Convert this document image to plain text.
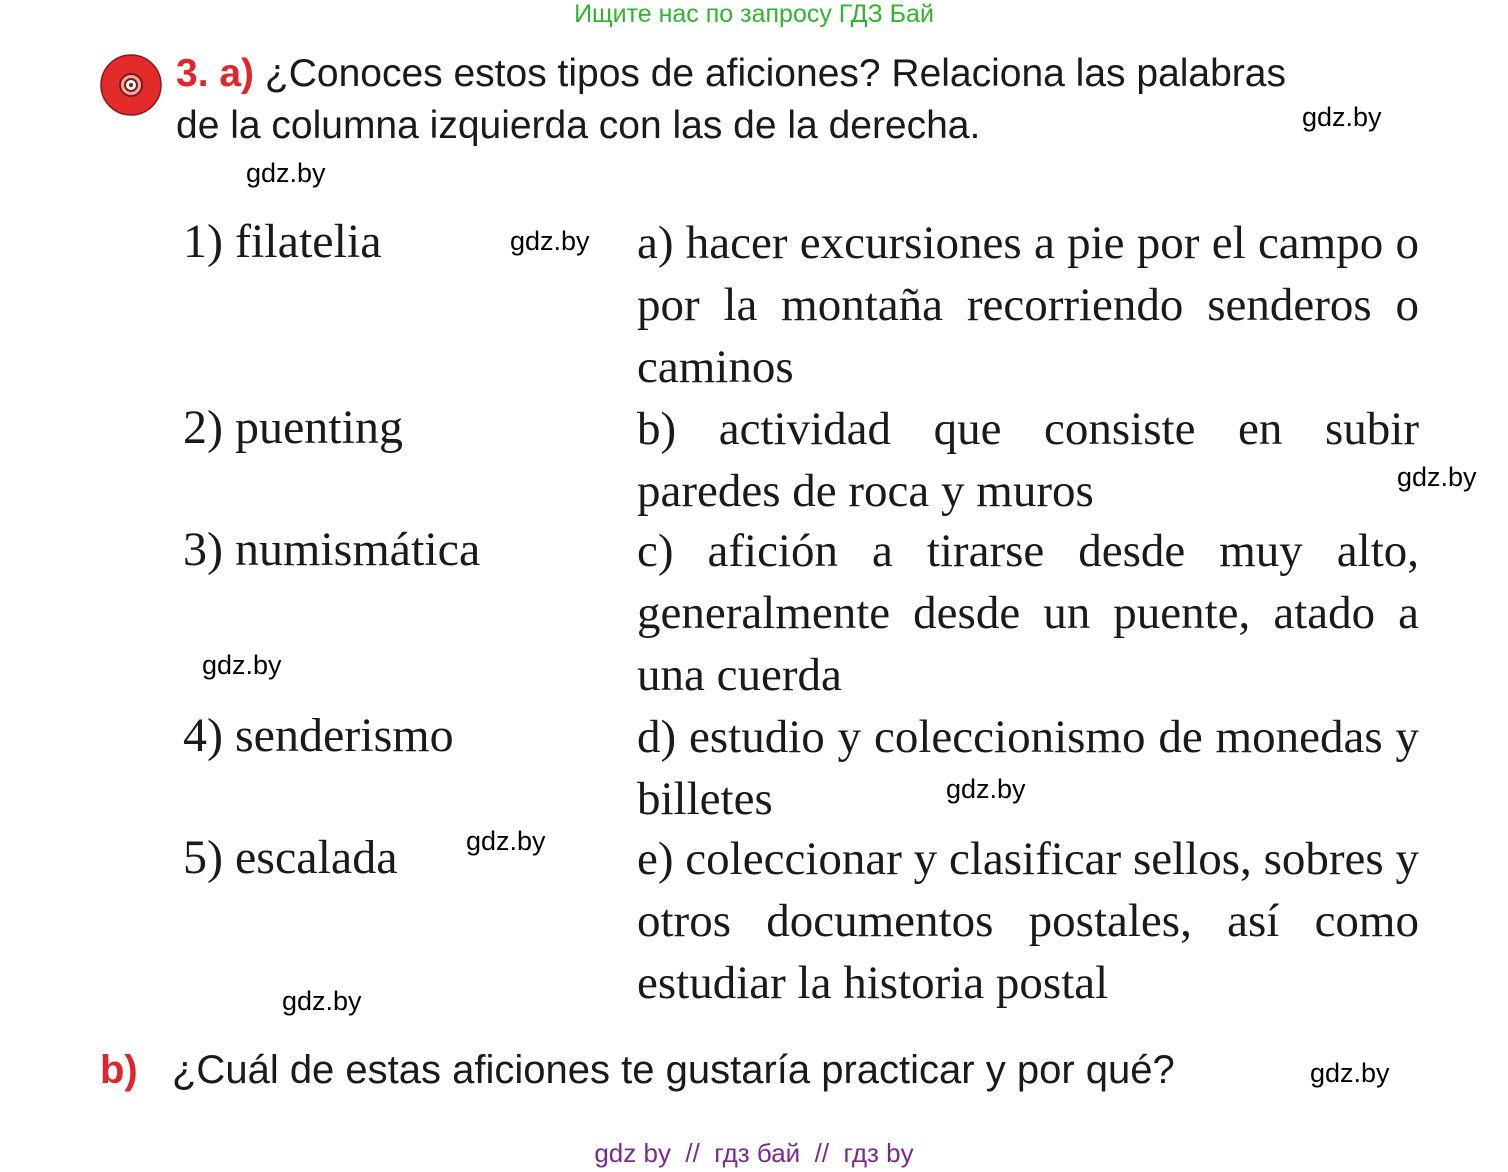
Ищите нас по запросу ГДЗ Бай
3. a) ¿Conoces estos tipos de aficiones? Relaciona las palabras
de la columna izquierda con las de la derecha.
1) filatelia
2) puenting
3) numismática
4) senderismo
5) escalada
a) hacer excursiones a pie por el campo o por la montaña recorriendo senderos o caminos
b) actividad que consiste en subir paredes de roca y muros
c) afición a tirarse desde muy alto, generalmente desde un puente, atado a una cuerda
d) estudio y coleccionismo de monedas y billetes
e) coleccionar y clasificar sellos, sobres y otros documentos postales, así como estudiar la historia postal
gdz.by
gdz.by
gdz.by
gdz.by
gdz.by
gdz.by
gdz.by
gdz.by
gdz.by
b) ¿Cuál de estas aficiones te gustaría practicar y por qué?
gdz by  //  гдз бай  //  гдз by
